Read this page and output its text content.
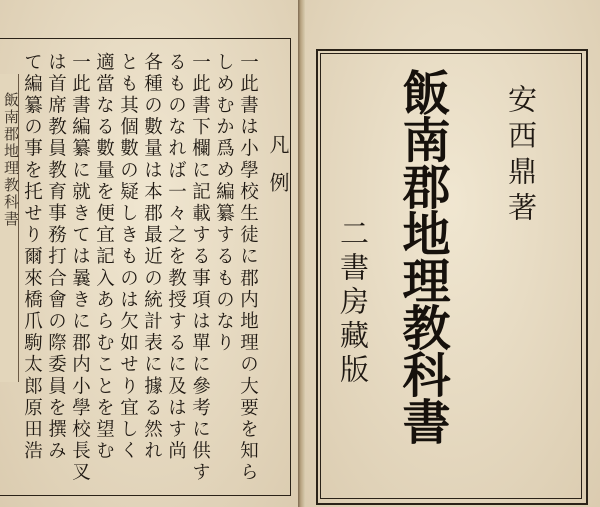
飯南郡地理教科書	凡例
一此書は小學校生徒に郡内地理の大要を知ら
しめむか爲め編纂するものなり
一此書下欄に記載する事項は單に參考に供す
るものなれば一々之を教授するに及はす尚
各種の數量は本郡最近の統計表に據る然れ
とも其個數の疑しきものは欠如せり宜しく
適當なる數量を便宜記入あらむことを望む
一此書編纂に就きては曩きに郡内小學校長叉
は首席教員教育事務打合會の際委員を撰み
て編纂の事を托せり爾來橋爪駒太郎原田浩	安西鼎著
飯南郡地理教科書
二書房藏版
